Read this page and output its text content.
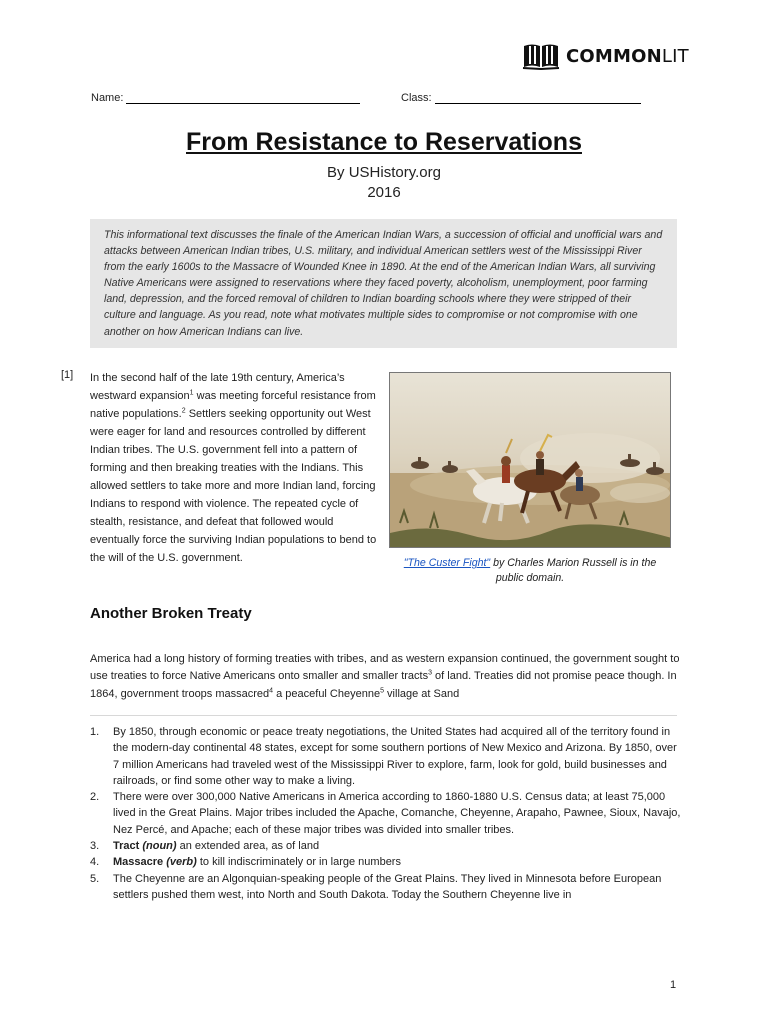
COMMONLIT
Name:	Class:
From Resistance to Reservations
By USHistory.org
2016
This informational text discusses the finale of the American Indian Wars, a succession of official and unofficial wars and attacks between American Indian tribes, U.S. military, and individual American settlers west of the Mississippi River from the early 1600s to the Massacre of Wounded Knee in 1890. At the end of the American Indian Wars, all surviving Native Americans were assigned to reservations where they faced poverty, alcoholism, unemployment, poor farming land, depression, and the forced removal of children to Indian boarding schools where they were stripped of their culture and language. As you read, note what motivates multiple sides to compromise or not compromise with one another on how American Indians can live.
[1] In the second half of the late 19th century, America’s westward expansion$^1$ was meeting forceful resistance from native populations.$^2$ Settlers seeking opportunity out West were eager for land and resources controlled by different Indian tribes. The U.S. government fell into a pattern of forming and then breaking treaties with the Indians. This allowed settlers to take more and more Indian land, forcing Indians to respond with violence. The repeated cycle of stealth, resistance, and defeat that followed would eventually force the surviving Indian populations to bend to the will of the U.S. government.	"The Custer Fight" by Charles Marion Russell is in the public domain.
Another Broken Treaty

America had a long history of forming treaties with tribes, and as western expansion continued, the government sought to use treaties to force Native Americans onto smaller and smaller tracts$^3$ of land. Treaties did not promise peace though. In 1864, government troops massacred$^4$ a peaceful Cheyenne$^5$ village at Sand

1. By 1850, through economic or peace treaty negotiations, the United States had acquired all of the territory found in the modern-day continental 48 states, except for some southern portions of New Mexico and Arizona. By 1850, over 7 million Americans had traveled west of the Mississippi River to explore, farm, look for gold, build businesses and railroads, or find some other way to make a living.
2. There were over 300,000 Native Americans in America according to 1860-1880 U.S. Census data; at least 75,000 lived in the Great Plains. Major tribes included the Apache, Comanche, Cheyenne, Arapaho, Pawnee, Sioux, Navajo, Nez Percé, and Apache; each of these major tribes was divided into smaller tribes.
3. Tract (noun) an extended area, as of land
4. Massacre (verb) to kill indiscriminately or in large numbers
5. The Cheyenne are an Algonquian-speaking people of the Great Plains. They lived in Minnesota before European settlers pushed them west, into North and South Dakota. Today the Southern Cheyenne live in
1
